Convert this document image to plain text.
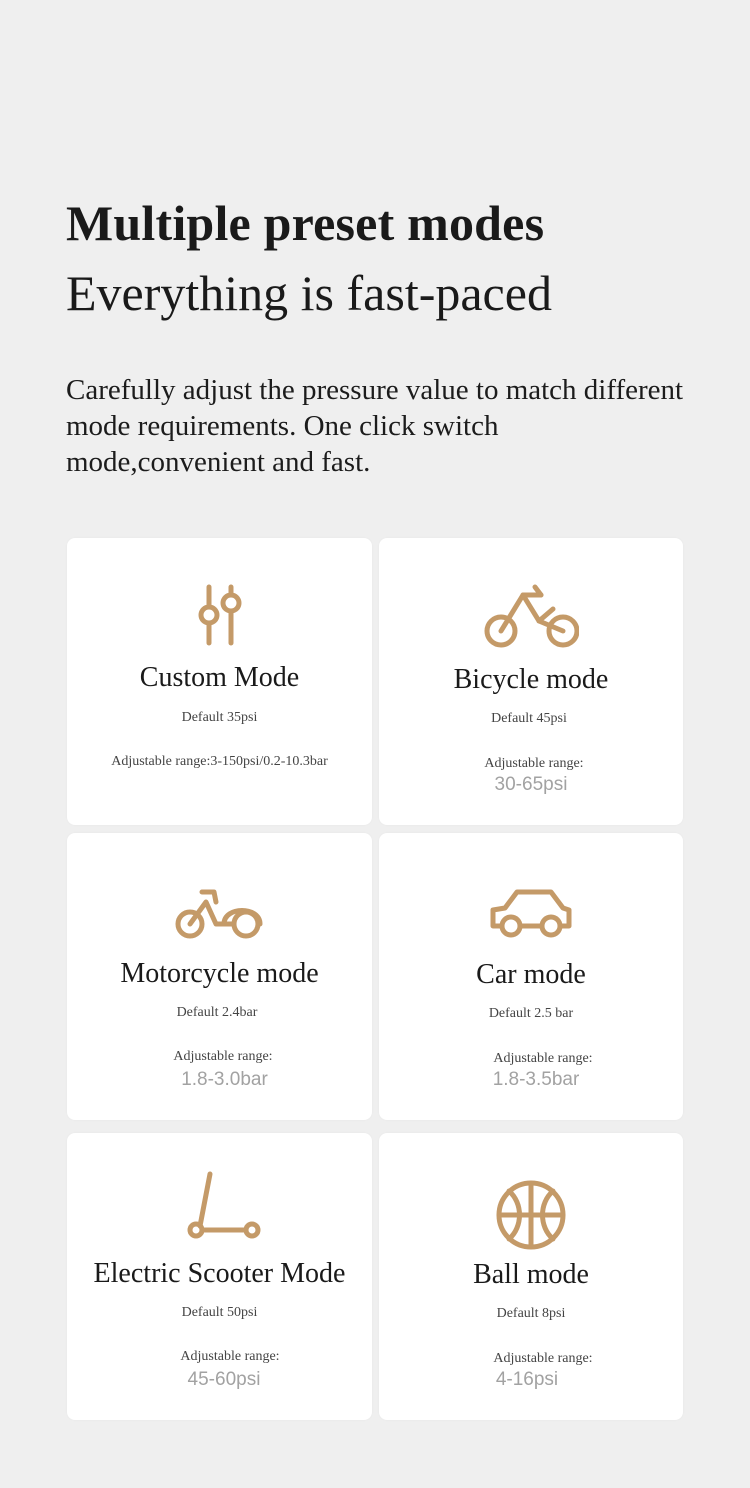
Multiple preset modes
Everything is fast-paced

Carefully adjust the pressure value to match different mode requirements. One click switch mode,convenient and fast.

Custom Mode
Default 35psi
Adjustable range:3-150psi/0.2-10.3bar
Bicycle mode
Default 45psi
Adjustable range:
30-65psi
Motorcycle mode
Default 2.4bar
Adjustable range:
1.8-3.0bar
Car mode
Default 2.5 bar
Adjustable range:
1.8-3.5bar
Electric Scooter Mode
Default 50psi
Adjustable range:
45-60psi
Ball mode
Default 8psi
Adjustable range:
4-16psi
